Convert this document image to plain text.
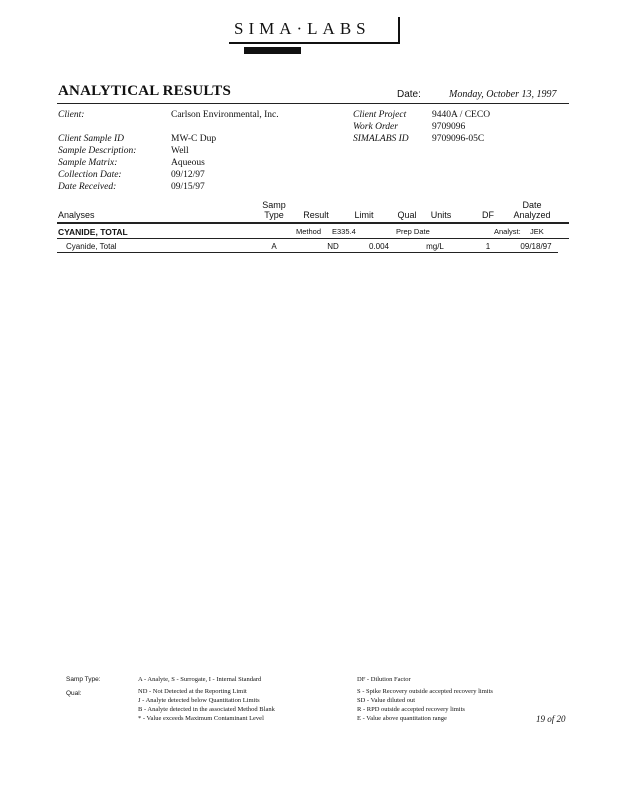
SIMA·LABS
ANALYTICAL RESULTS	Date:	Monday, October 13, 1997
Client:	Carlson Environmental, Inc.
Client Sample ID	MW-C Dup
Sample Description:	Well
Sample Matrix:	Aqueous
Collection Date:	09/12/97
Date Received:	09/15/97
Client Project	9440A / CECO
Work Order	9709096
SIMALABS ID 9709096-05C
Analyses
Samp
Type	Result	Limit	Qual	Units	DF
Date
Analyzed
CYANIDE, TOTAL	Method E335.4	Prep Date	Analyst: JEK
Cyanide, Total	A	ND	0.004	mg/L	1	09/18/97
Samp Type:	A - Analyte, S - Surrogate, I - Internal Standard	DF - Dilution Factor
Qual:	ND - Not Detected at the Reporting Limit
J - Analyte detected below Quantitation Limits
B - Analyte detected in the associated Method Blank
* - Value exceeds Maximum Contaminant Level
S - Spike Recovery outside accepted recovery limits
SD - Value diluted out
R - RPD outside accepted recovery limits
E - Value above quantitation range	19 of 20
